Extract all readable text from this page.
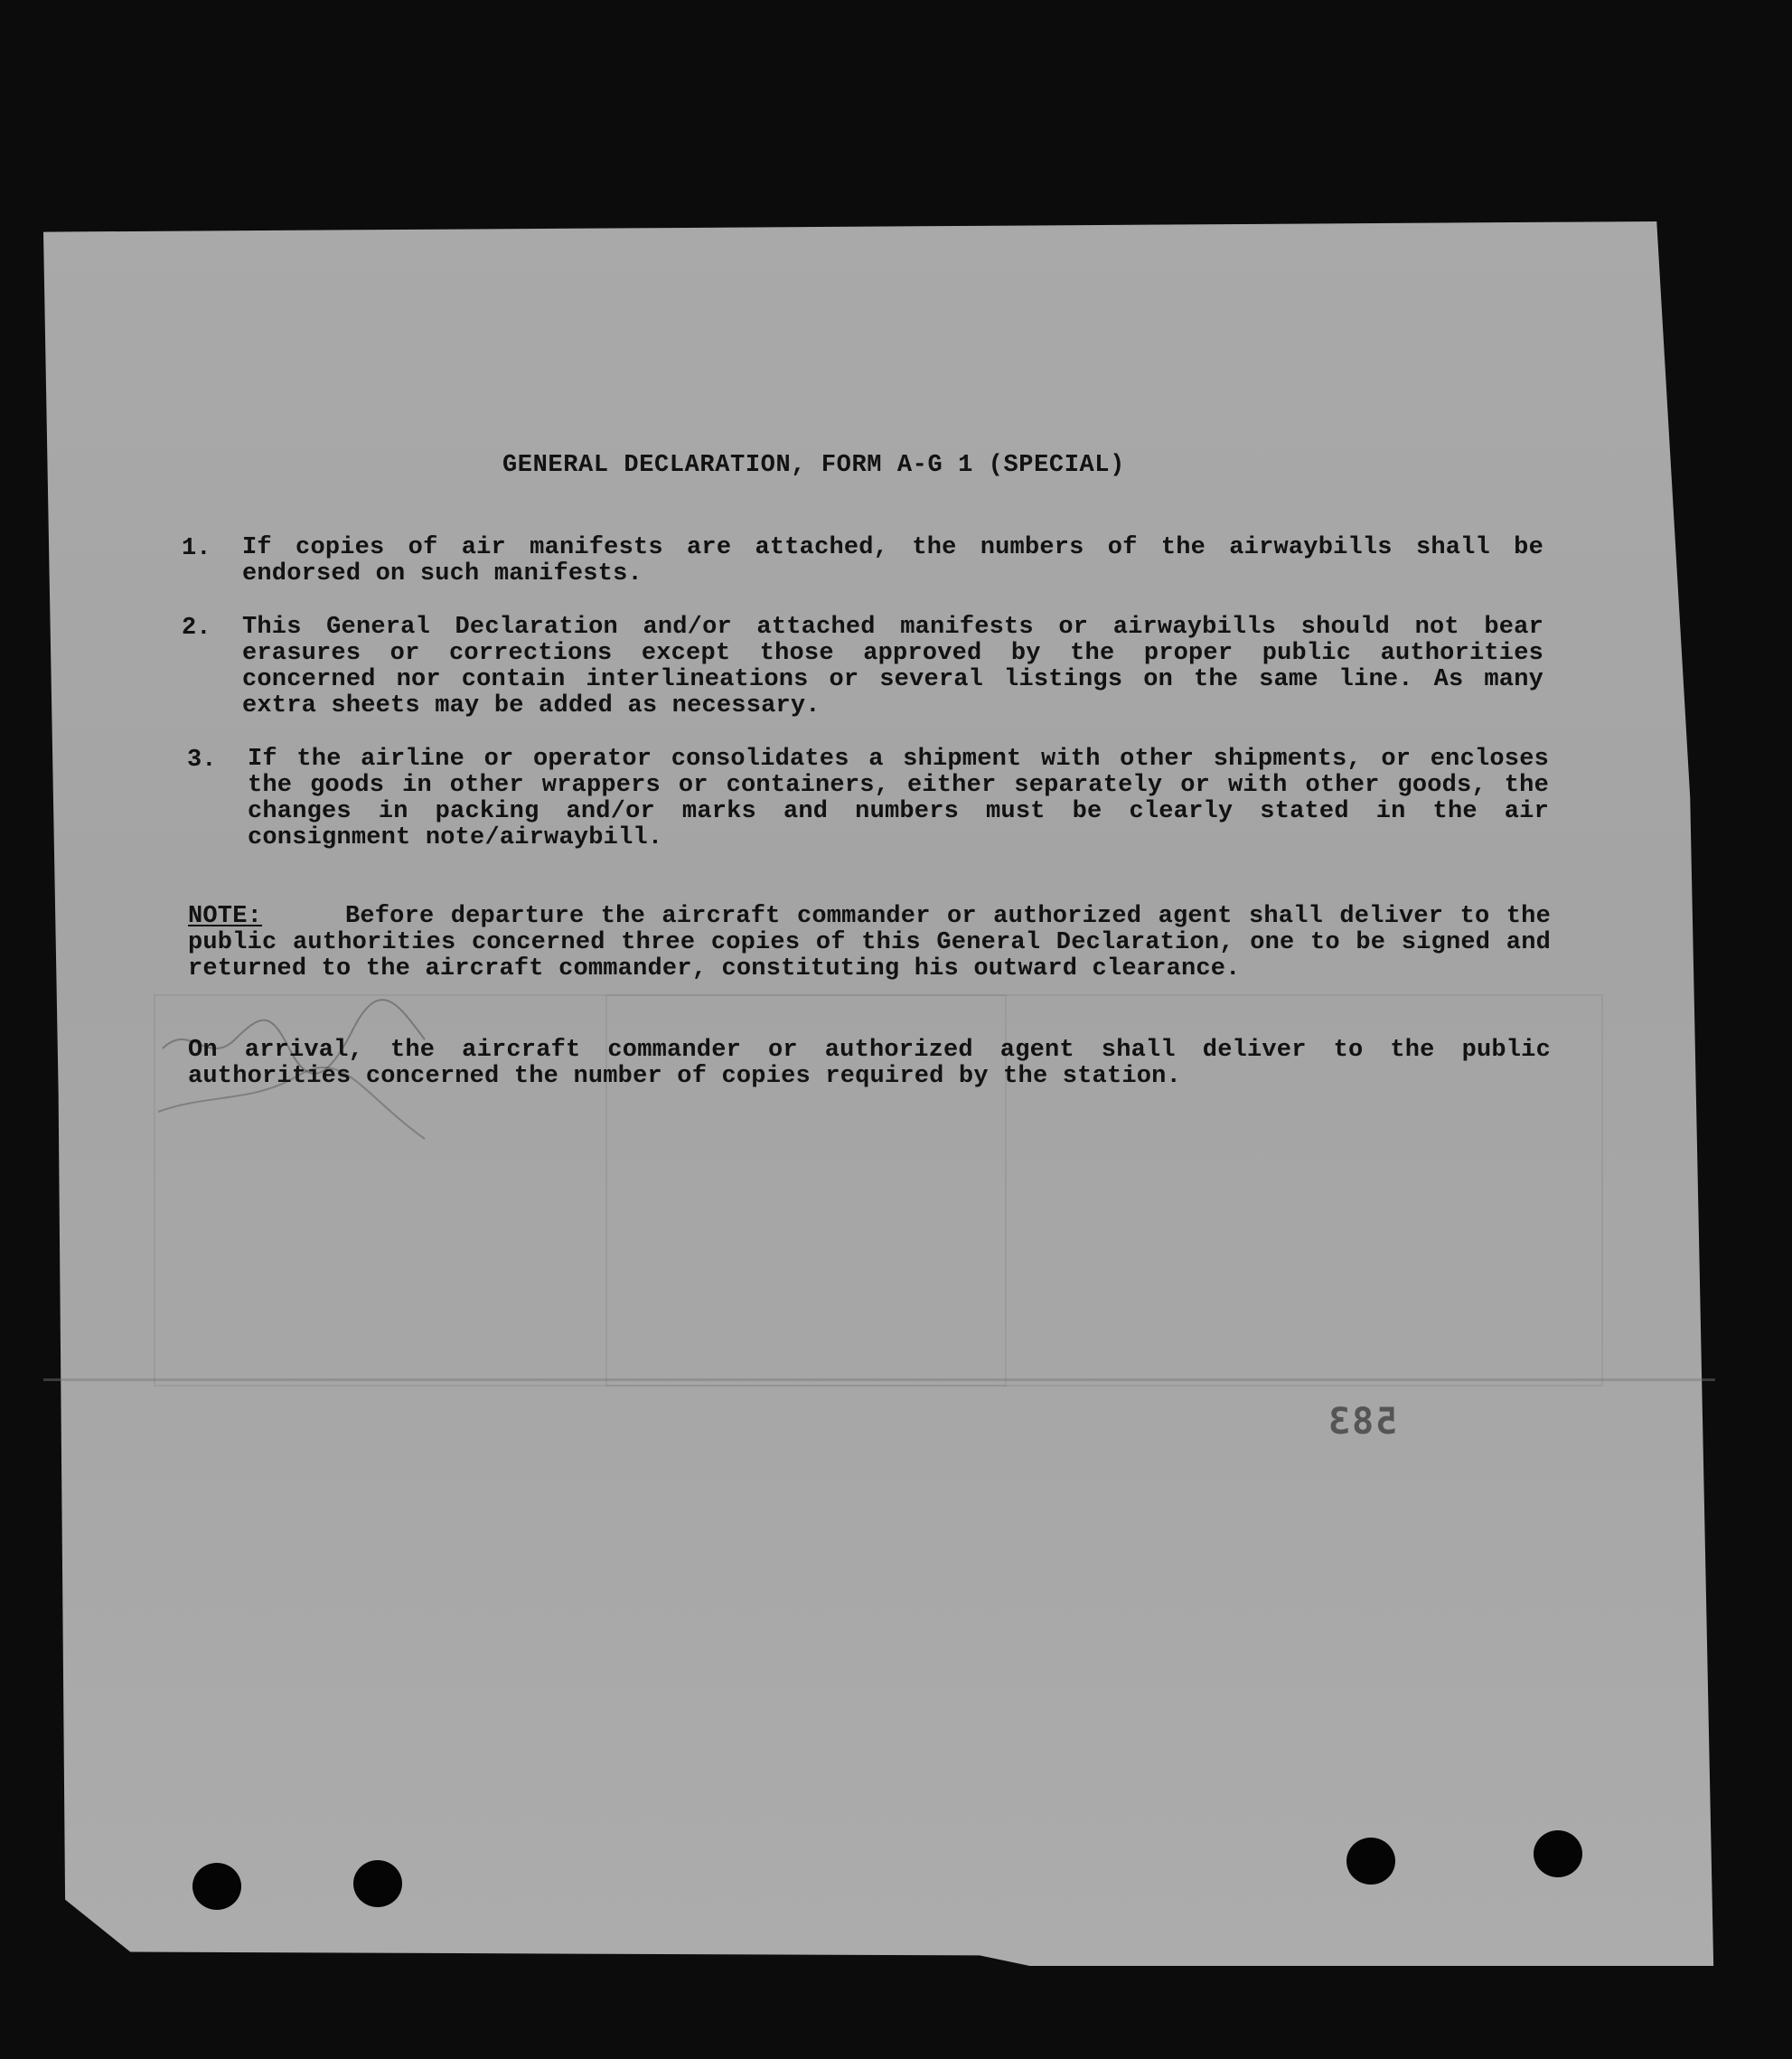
GENERAL DECLARATION, FORM A-G 1 (SPECIAL)
1. If copies of air manifests are attached, the numbers of the airwaybills shall be endorsed on such manifests.
2. This General Declaration and/or attached manifests or airwaybills should not bear erasures or corrections except those approved by the proper public authorities concerned nor contain interlineations or several listings on the same line. As many extra sheets may be added as necessary.
3. If the airline or operator consolidates a shipment with other shipments, or encloses the goods in other wrappers or containers, either separately or with other goods, the changes in packing and/or marks and numbers must be clearly stated in the air consignment note/airwaybill.
NOTE:	Before departure the aircraft commander or authorized agent shall deliver to the public authorities concerned three copies of this General Declaration, one to be signed and returned to the aircraft commander, constituting his outward clearance.
On arrival, the aircraft commander or authorized agent shall deliver to the public authorities concerned the number of copies required by the station.
583
